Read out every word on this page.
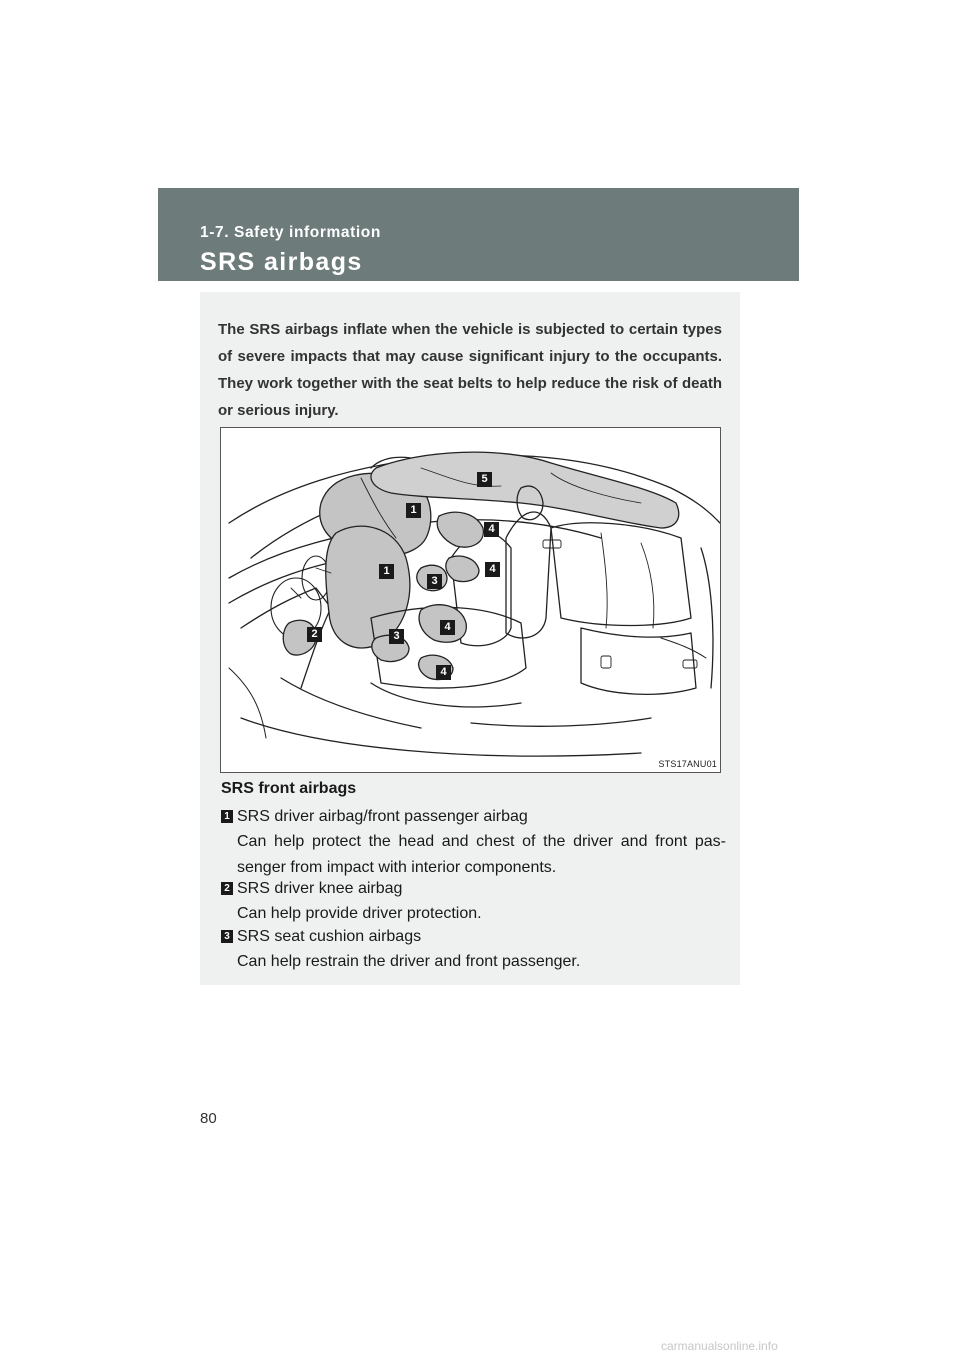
1-7. Safety information
SRS airbags
The SRS airbags inflate when the vehicle is subjected to certain types of severe impacts that may cause significant injury to the occupants. They work together with the seat belts to help reduce the risk of death or serious injury.
5
1
4
1
3
4
2	3
4
4
STS17ANU01
SRS front airbags
1 SRS driver airbag/front passenger airbag
Can help protect the head and chest of the driver and front pas-senger from impact with interior components.
2 SRS driver knee airbag
Can help provide driver protection.
3 SRS seat cushion airbags
Can help restrain the driver and front passenger.
80
carmanualsonline.info
